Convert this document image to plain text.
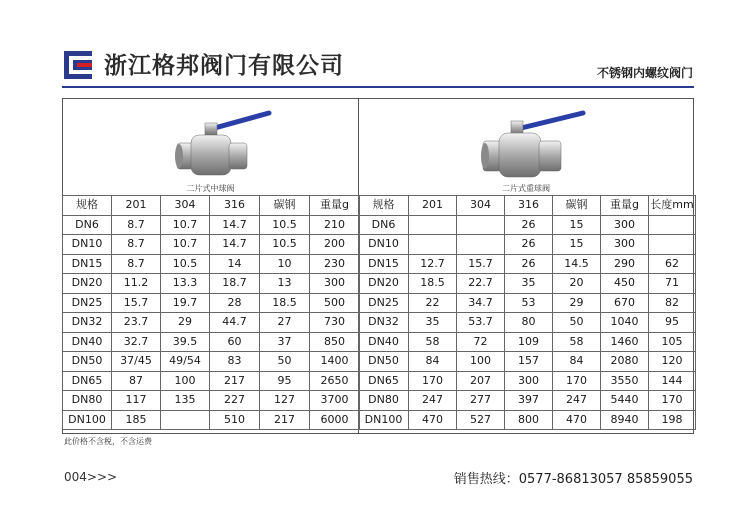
浙江格邦阀门有限公司	不锈钢内螺纹阀门
二片式中球阀	二片式重球阀
规格	201	304	316	碳钢	重量g
DN6	8.7	10.7	14.7	10.5	210
DN10	8.7	10.7	14.7	10.5	200
DN15	8.7	10.5	14	10	230
DN20	11.2	13.3	18.7	13	300
DN25	15.7	19.7	28	18.5	500
DN32	23.7	29	44.7	27	730
DN40	32.7	39.5	60	37	850
DN50	37/45	49/54	83	50	1400
DN65	87	100	217	95	2650
DN80	117	135	227	127	3700
DN100	185		510	217	6000
规格	201	304	316	碳钢	重量g	长度mm
DN6			26	15	300	
DN10			26	15	300	
DN15	12.7	15.7	26	14.5	290	62
DN20	18.5	22.7	35	20	450	71
DN25	22	34.7	53	29	670	82
DN32	35	53.7	80	50	1040	95
DN40	58	72	109	58	1460	105
DN50	84	100	157	84	2080	120
DN65	170	207	300	170	3550	144
DN80	247	277	397	247	5440	170
DN100	470	527	800	470	8940	198
此价格不含税，不含运费
004>>>	销售热线：0577-86813057 85859055
